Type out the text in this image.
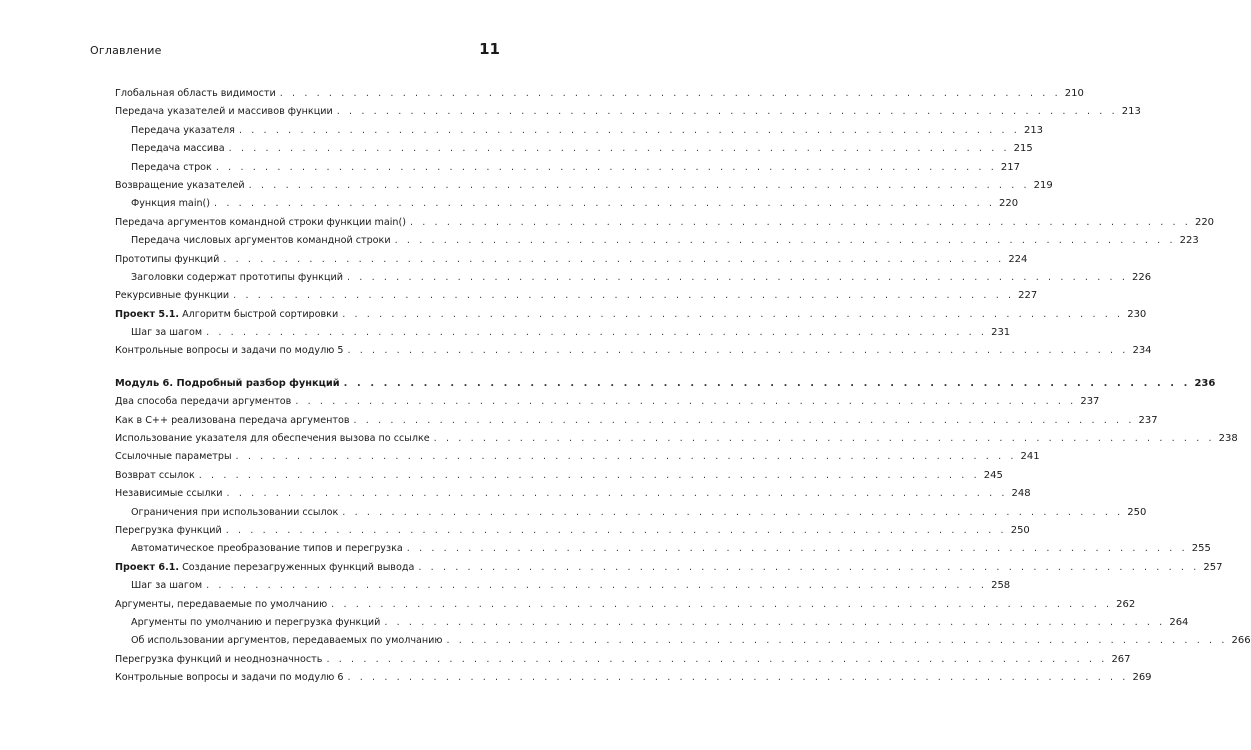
Оглавление	11
Глобальная область видимости . . . . . . . . . . . . . . . . . . . . . . . . . . . . . . . . . . . . . . . . . . . . . . . . . . . . . . . . . . . . . . . . 210
Передача указателей и массивов функции . . . . . . . . . . . . . . . . . . . . . . . . . . . . . . . . . . . . . . . . . . . . . . . . . . . . . . . . . . . . . . . . 213
Передача указателя . . . . . . . . . . . . . . . . . . . . . . . . . . . . . . . . . . . . . . . . . . . . . . . . . . . . . . . . . . . . . . . . 213
Передача массива . . . . . . . . . . . . . . . . . . . . . . . . . . . . . . . . . . . . . . . . . . . . . . . . . . . . . . . . . . . . . . . . 215
Передача строк . . . . . . . . . . . . . . . . . . . . . . . . . . . . . . . . . . . . . . . . . . . . . . . . . . . . . . . . . . . . . . . . 217
Возвращение указателей . . . . . . . . . . . . . . . . . . . . . . . . . . . . . . . . . . . . . . . . . . . . . . . . . . . . . . . . . . . . . . . . 219
Функция main() . . . . . . . . . . . . . . . . . . . . . . . . . . . . . . . . . . . . . . . . . . . . . . . . . . . . . . . . . . . . . . . . 220
Передача аргументов командной строки функции main() . . . . . . . . . . . . . . . . . . . . . . . . . . . . . . . . . . . . . . . . . . . . . . . . . . . . . . . . . . . . . . . . 220
Передача числовых аргументов командной строки . . . . . . . . . . . . . . . . . . . . . . . . . . . . . . . . . . . . . . . . . . . . . . . . . . . . . . . . . . . . . . . . 223
Прототипы функций . . . . . . . . . . . . . . . . . . . . . . . . . . . . . . . . . . . . . . . . . . . . . . . . . . . . . . . . . . . . . . . . 224
Заголовки содержат прототипы функций . . . . . . . . . . . . . . . . . . . . . . . . . . . . . . . . . . . . . . . . . . . . . . . . . . . . . . . . . . . . . . . . 226
Рекурсивные функции . . . . . . . . . . . . . . . . . . . . . . . . . . . . . . . . . . . . . . . . . . . . . . . . . . . . . . . . . . . . . . . . 227
Проект 5.1. Алгоритм быстрой сортировки . . . . . . . . . . . . . . . . . . . . . . . . . . . . . . . . . . . . . . . . . . . . . . . . . . . . . . . . . . . . . . . . 230
Шаг за шагом . . . . . . . . . . . . . . . . . . . . . . . . . . . . . . . . . . . . . . . . . . . . . . . . . . . . . . . . . . . . . . . . 231
Контрольные вопросы и задачи по модулю 5 . . . . . . . . . . . . . . . . . . . . . . . . . . . . . . . . . . . . . . . . . . . . . . . . . . . . . . . . . . . . . . . . 234
Модуль 6. Подробный разбор функций . . . . . . . . . . . . . . . . . . . . . . . . . . . . . . . . . . . . . . . . . . . . . . . . . . . . . . . . . . . . . . . . 236
Два способа передачи аргументов . . . . . . . . . . . . . . . . . . . . . . . . . . . . . . . . . . . . . . . . . . . . . . . . . . . . . . . . . . . . . . . . 237
Как в C++ реализована передача аргументов . . . . . . . . . . . . . . . . . . . . . . . . . . . . . . . . . . . . . . . . . . . . . . . . . . . . . . . . . . . . . . . . 237
Использование указателя для обеспечения вызова по ссылке . . . . . . . . . . . . . . . . . . . . . . . . . . . . . . . . . . . . . . . . . . . . . . . . . . . . . . . . . . . . . . . . 238
Ссылочные параметры . . . . . . . . . . . . . . . . . . . . . . . . . . . . . . . . . . . . . . . . . . . . . . . . . . . . . . . . . . . . . . . . 241
Возврат ссылок . . . . . . . . . . . . . . . . . . . . . . . . . . . . . . . . . . . . . . . . . . . . . . . . . . . . . . . . . . . . . . . . 245
Независимые ссылки . . . . . . . . . . . . . . . . . . . . . . . . . . . . . . . . . . . . . . . . . . . . . . . . . . . . . . . . . . . . . . . . 248
Ограничения при использовании ссылок . . . . . . . . . . . . . . . . . . . . . . . . . . . . . . . . . . . . . . . . . . . . . . . . . . . . . . . . . . . . . . . . 250
Перегрузка функций . . . . . . . . . . . . . . . . . . . . . . . . . . . . . . . . . . . . . . . . . . . . . . . . . . . . . . . . . . . . . . . . 250
Автоматическое преобразование типов и перегрузка . . . . . . . . . . . . . . . . . . . . . . . . . . . . . . . . . . . . . . . . . . . . . . . . . . . . . . . . . . . . . . . . 255
Проект 6.1. Создание перезагруженных функций вывода . . . . . . . . . . . . . . . . . . . . . . . . . . . . . . . . . . . . . . . . . . . . . . . . . . . . . . . . . . . . . . . . 257
Шаг за шагом . . . . . . . . . . . . . . . . . . . . . . . . . . . . . . . . . . . . . . . . . . . . . . . . . . . . . . . . . . . . . . . . 258
Аргументы, передаваемые по умолчанию . . . . . . . . . . . . . . . . . . . . . . . . . . . . . . . . . . . . . . . . . . . . . . . . . . . . . . . . . . . . . . . . 262
Аргументы по умолчанию и перегрузка функций . . . . . . . . . . . . . . . . . . . . . . . . . . . . . . . . . . . . . . . . . . . . . . . . . . . . . . . . . . . . . . . . 264
Об использовании аргументов, передаваемых по умолчанию . . . . . . . . . . . . . . . . . . . . . . . . . . . . . . . . . . . . . . . . . . . . . . . . . . . . . . . . . . . . . . . . 266
Перегрузка функций и неоднозначность . . . . . . . . . . . . . . . . . . . . . . . . . . . . . . . . . . . . . . . . . . . . . . . . . . . . . . . . . . . . . . . . 267
Контрольные вопросы и задачи по модулю 6 . . . . . . . . . . . . . . . . . . . . . . . . . . . . . . . . . . . . . . . . . . . . . . . . . . . . . . . . . . . . . . . . 269
